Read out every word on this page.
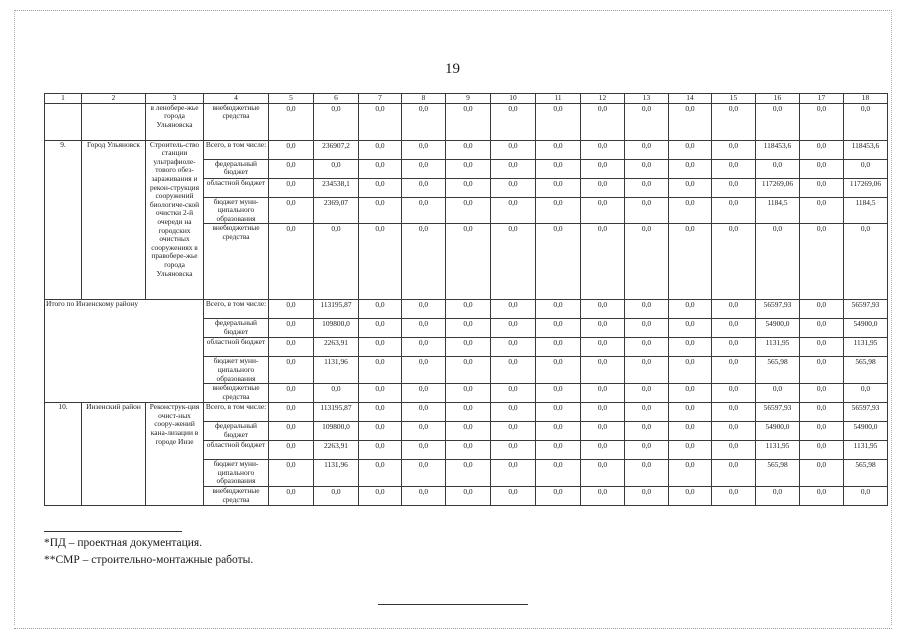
19
1	2	3	4	5	6	7	8	9	10	11	12	13	14	15	16	17	18
		в ленобере-жье города Ульяновска	внебюджетные средства	0,0	0,0	0,0	0,0	0,0	0,0	0,0	0,0	0,0	0,0	0,0	0,0	0,0	0,0
9.	Город Ульяновск	Строитель-ство станции ультрафиоле-тового обез-зараживания и рекон-струкция сооружений биологиче-ской очистки 2-й очереди на городских очистных сооружениях в правобере-жье города Ульяновска	Всего, в том числе:	0,0	236907,2	0,0	0,0	0,0	0,0	0,0	0,0	0,0	0,0	0,0	118453,6	0,0	118453,6
			федеральный бюджет	0,0	0,0	0,0	0,0	0,0	0,0	0,0	0,0	0,0	0,0	0,0	0,0	0,0	0,0
			областной бюджет	0,0	234538,1	0,0	0,0	0,0	0,0	0,0	0,0	0,0	0,0	0,0	117269,06	0,0	117269,06
			бюджет муни-ципального образования	0,0	2369,07	0,0	0,0	0,0	0,0	0,0	0,0	0,0	0,0	0,0	1184,5	0,0	1184,5
			внебюджетные средства	0,0	0,0	0,0	0,0	0,0	0,0	0,0	0,0	0,0	0,0	0,0	0,0	0,0	0,0
Итого по Инзенскому району			Всего, в том числе:	0,0	113195,87	0,0	0,0	0,0	0,0	0,0	0,0	0,0	0,0	0,0	56597,93	0,0	56597,93
			федеральный бюджет	0,0	109800,0	0,0	0,0	0,0	0,0	0,0	0,0	0,0	0,0	0,0	54900,0	0,0	54900,0
			областной бюджет	0,0	2263,91	0,0	0,0	0,0	0,0	0,0	0,0	0,0	0,0	0,0	1131,95	0,0	1131,95
			бюджет муни-ципального образования	0,0	1131,96	0,0	0,0	0,0	0,0	0,0	0,0	0,0	0,0	0,0	565,98	0,0	565,98
			внебюджетные средства	0,0	0,0	0,0	0,0	0,0	0,0	0,0	0,0	0,0	0,0	0,0	0,0	0,0	0,0
10.	Инзенский район	Реконструк-ция очист-ных соору-жений кана-лизации в городе Инзе	Всего, в том числе:	0,0	113195,87	0,0	0,0	0,0	0,0	0,0	0,0	0,0	0,0	0,0	56597,93	0,0	56597,93
			федеральный бюджет	0,0	109800,0	0,0	0,0	0,0	0,0	0,0	0,0	0,0	0,0	0,0	54900,0	0,0	54900,0
			областной бюджет	0,0	2263,91	0,0	0,0	0,0	0,0	0,0	0,0	0,0	0,0	0,0	1131,95	0,0	1131,95
			бюджет муни-ципального образования	0,0	1131,96	0,0	0,0	0,0	0,0	0,0	0,0	0,0	0,0	0,0	565,98	0,0	565,98
			внебюджетные средства	0,0	0,0	0,0	0,0	0,0	0,0	0,0	0,0	0,0	0,0	0,0	0,0	0,0	0,0
*ПД – проектная документация.
**СМР – строительно-монтажные работы.
